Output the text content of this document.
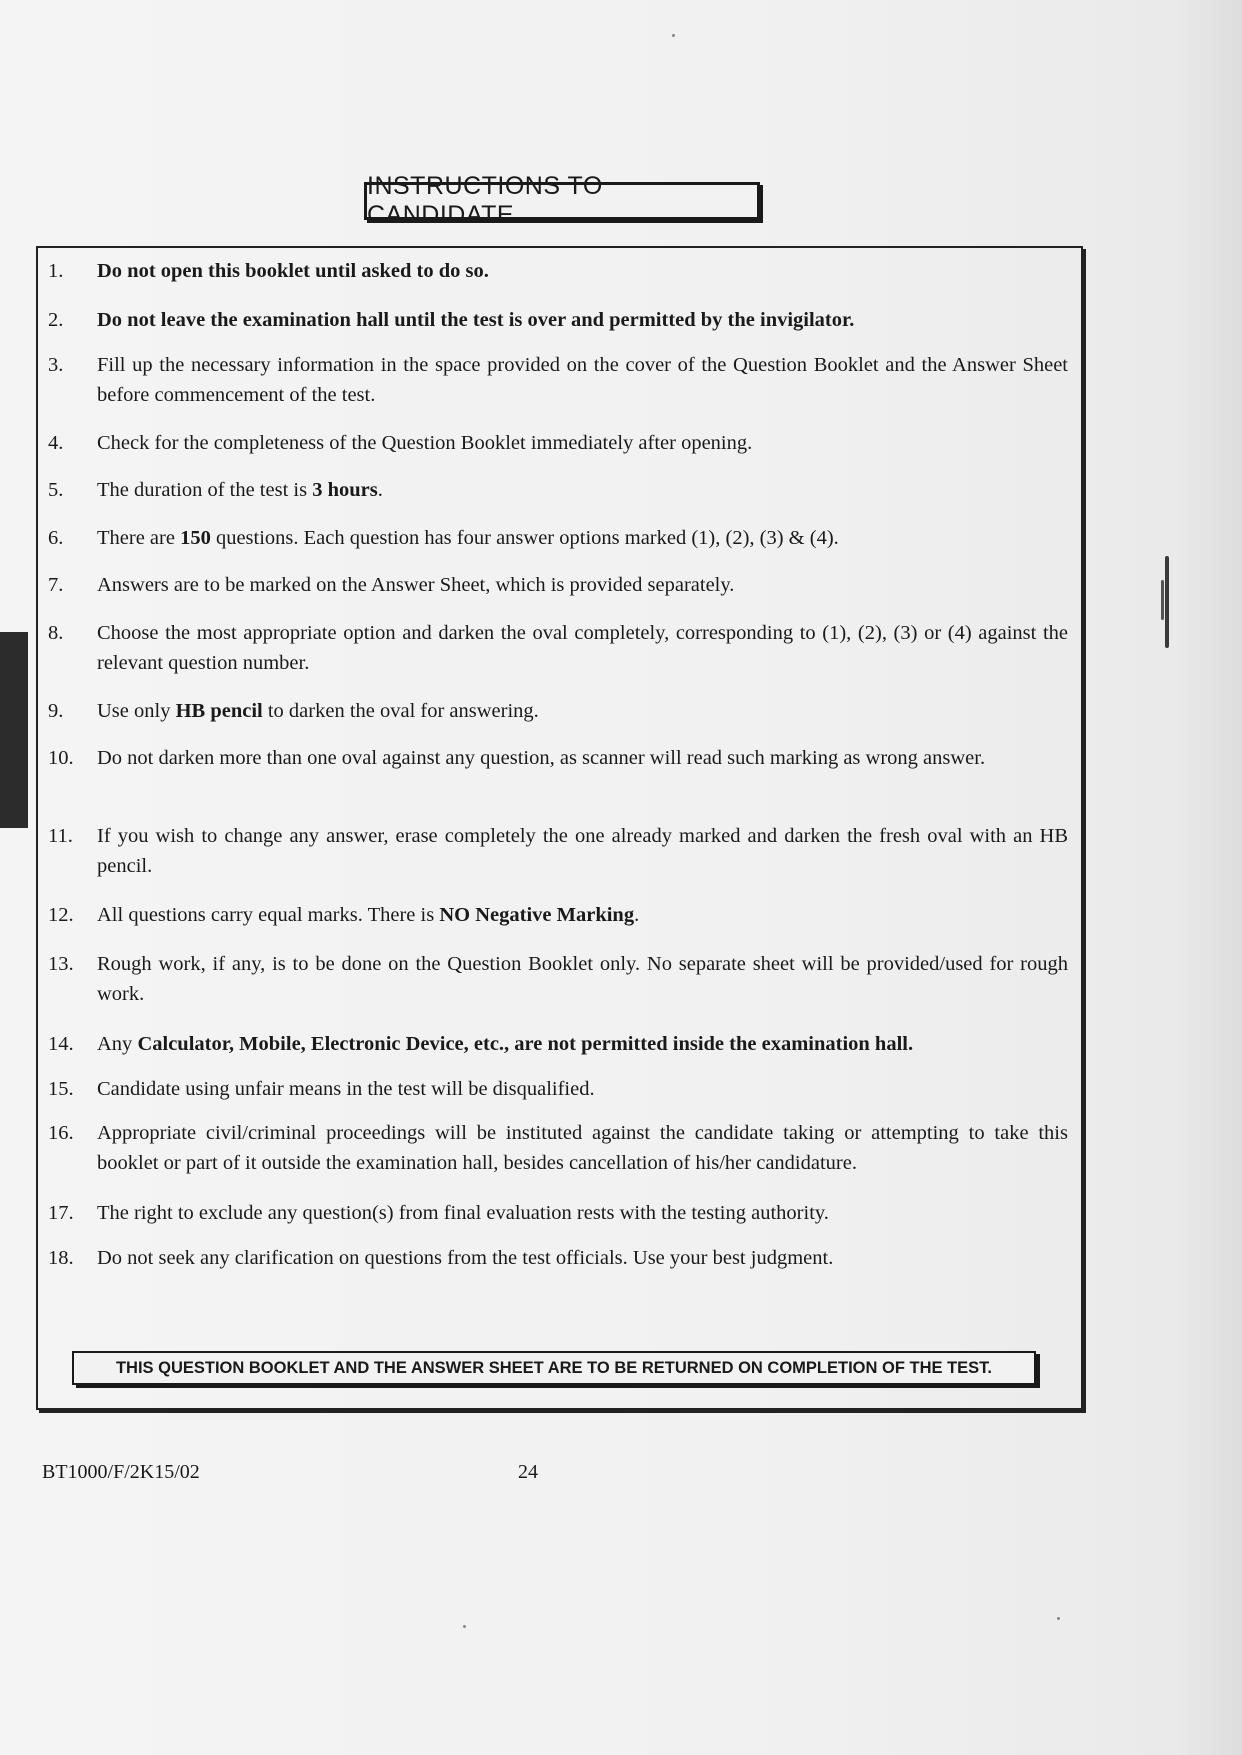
INSTRUCTIONS TO CANDIDATE
1.	Do not open this booklet until asked to do so.
2.	Do not leave the examination hall until the test is over and permitted by the invigilator.
3.	Fill up the necessary information in the space provided on the cover of the Question Booklet and the Answer Sheet before commencement of the test.
4.	Check for the completeness of the Question Booklet immediately after opening.
5.	The duration of the test is 3 hours.
6.	There are 150 questions. Each question has four answer options marked (1), (2), (3) & (4).
7.	Answers are to be marked on the Answer Sheet, which is provided separately.
8.	Choose the most appropriate option and darken the oval completely, corresponding to (1), (2), (3) or (4) against the relevant question number.
9.	Use only HB pencil to darken the oval for answering.
10.	Do not darken more than one oval against any question, as scanner will read such marking as wrong answer.
11.	If you wish to change any answer, erase completely the one already marked and darken the fresh oval with an HB pencil.
12.	All questions carry equal marks. There is NO Negative Marking.
13.	Rough work, if any, is to be done on the Question Booklet only. No separate sheet will be provided/used for rough work.
14.	Any Calculator, Mobile, Electronic Device, etc., are not permitted inside the examination hall.
15.	Candidate using unfair means in the test will be disqualified.
16.	Appropriate civil/criminal proceedings will be instituted against the candidate taking or attempting to take this booklet or part of it outside the examination hall, besides cancellation of his/her candidature.
17.	The right to exclude any question(s) from final evaluation rests with the testing authority.
18.	Do not seek any clarification on questions from the test officials. Use your best judgment.
THIS QUESTION BOOKLET AND THE ANSWER SHEET ARE TO BE RETURNED ON COMPLETION OF THE TEST.
BT1000/F/2K15/02	24
